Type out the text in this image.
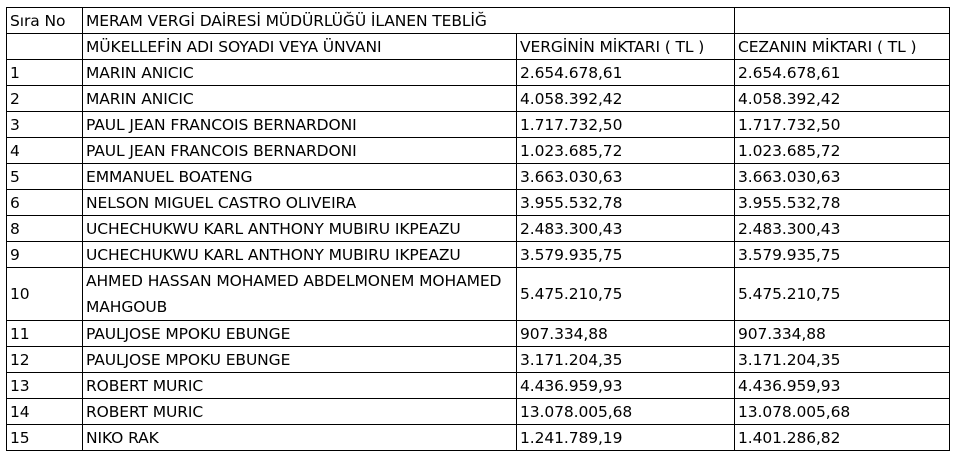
Sıra No	MERAM VERGİ DAİRESİ MÜDÜRLÜĞÜ İLANEN TEBLİĞ		
	MÜKELLEFİN ADI SOYADI VEYA ÜNVANI	VERGİNİN MİKTARI ( TL )	CEZANIN MİKTARI ( TL )
1	MARIN ANICIC	2.654.678,61	2.654.678,61
2	MARIN ANICIC	4.058.392,42	4.058.392,42
3	PAUL JEAN FRANCOIS BERNARDONI	1.717.732,50	1.717.732,50
4	PAUL JEAN FRANCOIS BERNARDONI	1.023.685,72	1.023.685,72
5	EMMANUEL BOATENG	3.663.030,63	3.663.030,63
6	NELSON MIGUEL CASTRO OLIVEIRA	3.955.532,78	3.955.532,78
8	UCHECHUKWU KARL ANTHONY MUBIRU IKPEAZU	2.483.300,43	2.483.300,43
9	UCHECHUKWU KARL ANTHONY MUBIRU IKPEAZU	3.579.935,75	3.579.935,75
10	AHMED HASSAN MOHAMED ABDELMONEM MOHAMED MAHGOUB	5.475.210,75	5.475.210,75
11	PAULJOSE MPOKU EBUNGE	907.334,88	907.334,88
12	PAULJOSE MPOKU EBUNGE	3.171.204,35	3.171.204,35
13	ROBERT MURIC	4.436.959,93	4.436.959,93
14	ROBERT MURIC	13.078.005,68	13.078.005,68
15	NIKO RAK	1.241.789,19	1.401.286,82
